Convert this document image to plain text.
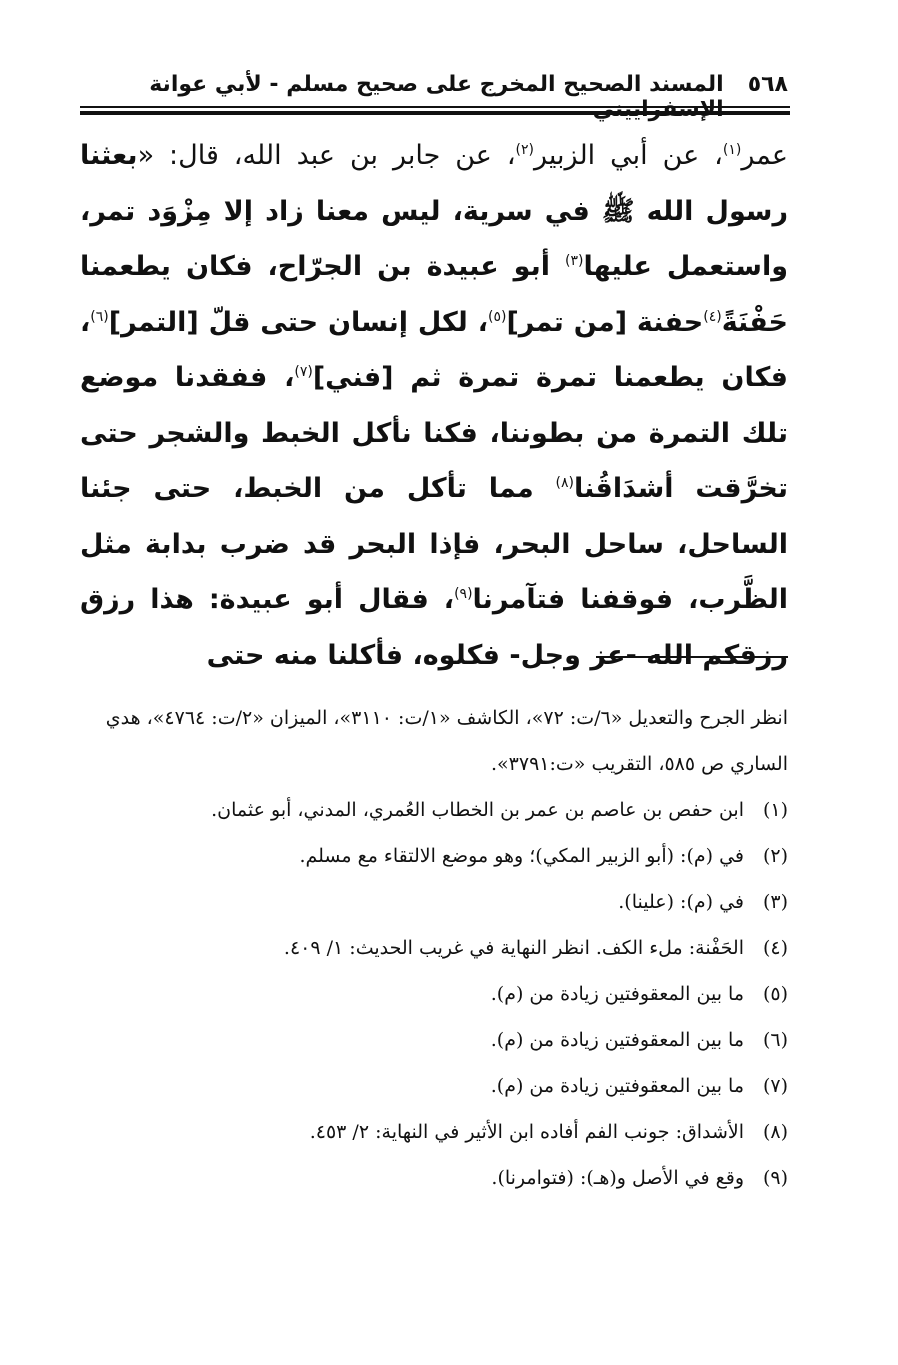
٥٦٨
المسند الصحيح المخرج على صحيح مسلم - لأبي عوانة الإسفراييني

عمر$^{(١)}$، عن أبي الزبير$^{(٢)}$، عن جابر بن عبد الله، قال: «بعثنا رسول الله ﷺ في سرية، ليس معنا زاد إلا مِزْوَد تمر، واستعمل عليها$^{(٣)}$ أبو عبيدة بن الجرّاح، فكان يطعمنا حَفْنَةً$^{(٤)}$حفنة [من تمر]$^{(٥)}$، لكل إنسان حتى قلّ [التمر]$^{(٦)}$، فكان يطعمنا تمرة تمرة ثم [فني]$^{(٧)}$، ففقدنا موضع تلك التمرة من بطوننا، فكنا نأكل الخبط والشجر حتى تخرَّقت أشدَاقُنا$^{(٨)}$ مما تأكل من الخبط، حتى جئنا الساحل، ساحل البحر، فإذا البحر قد ضرب بدابة مثل الظَّرب، فوقفنا فتآمرنا$^{(٩)}$، فقال أبو عبيدة: هذا رزق رزقكم الله -عز وجل- فكلوه، فأكلنا منه حتى

انظر الجرح والتعديل «٦/ت: ٧٢»، الكاشف «١/ت: ٣١١٠»، الميزان «٢/ت: ٤٧٦٤»، هدي الساري ص ٥٨٥، التقريب «ت:٣٧٩١».

(١)
ابن حفص بن عاصم بن عمر بن الخطاب العُمري، المدني، أبو عثمان.
(٢)
في (م): (أبو الزبير المكي)؛ وهو موضع الالتقاء مع مسلم.
(٣)
في (م): (علينا).
(٤)
الحَفْنة: ملء الكف. انظر النهاية في غريب الحديث: ١/ ٤٠٩.
(٥)
ما بين المعقوفتين زيادة من (م).
(٦)
ما بين المعقوفتين زيادة من (م).
(٧)
ما بين المعقوفتين زيادة من (م).
(٨)
الأشداق: جونب الفم أفاده ابن الأثير في النهاية: ٢/ ٤٥٣.
(٩)
وقع في الأصل و(هـ): (فتوامرنا).
